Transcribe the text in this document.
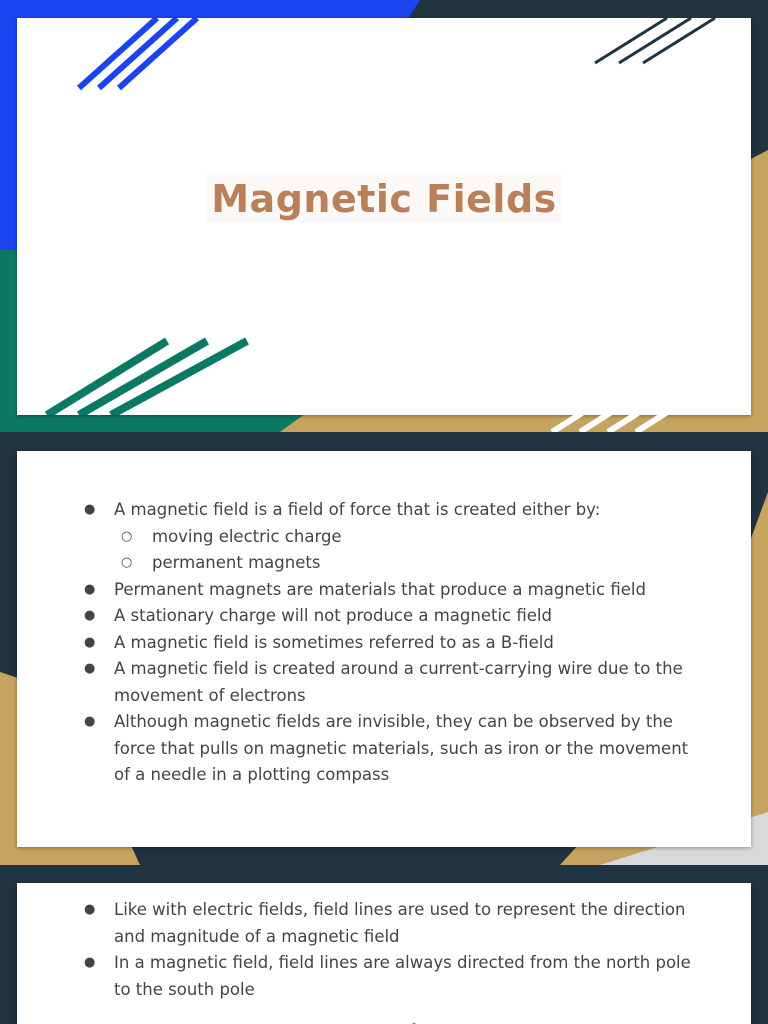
Magnetic Fields
● A magnetic field is a field of force that is created either by:
○ moving electric charge
○ permanent magnets
● Permanent magnets are materials that produce a magnetic field
● A stationary charge will not produce a magnetic field
● A magnetic field is sometimes referred to as a B-field
● A magnetic field is created around a current-carrying wire due to the movement of electrons
● Although magnetic fields are invisible, they can be observed by the force that pulls on magnetic materials, such as iron or the movement of a needle in a plotting compass
● Like with electric fields, field lines are used to represent the direction and magnitude of a magnetic field
● In a magnetic field, field lines are always directed from the north pole to the south pole
